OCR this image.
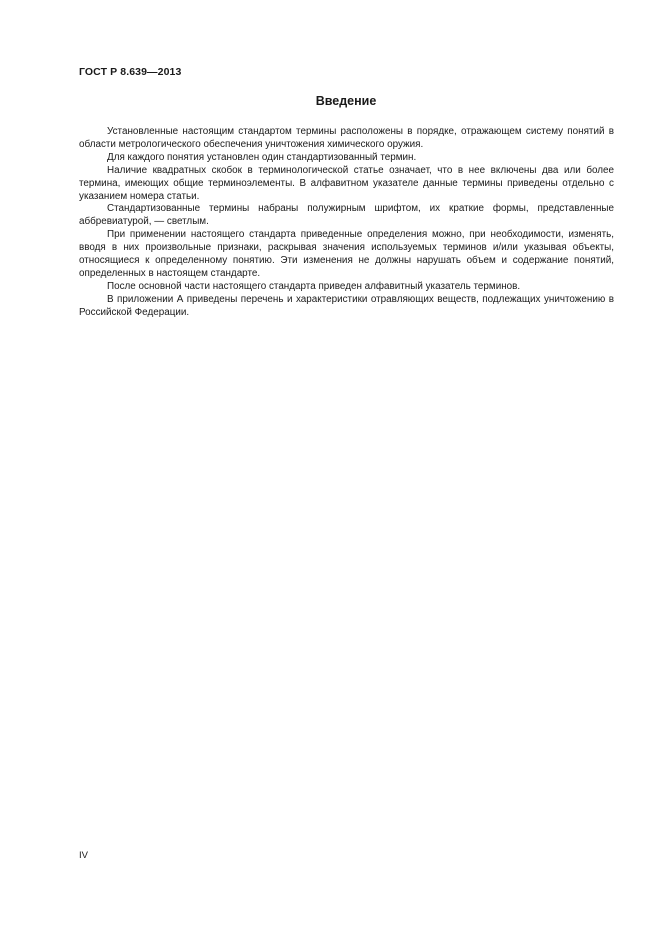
ГОСТ Р 8.639—2013
Введение

Установленные настоящим стандартом термины расположены в порядке, отражающем систему понятий в области метрологического обеспечения уничтожения химического оружия.

Для каждого понятия установлен один стандартизованный термин.

Наличие квадратных скобок в терминологической статье означает, что в нее включены два или более термина, имеющих общие терминоэлементы. В алфавитном указателе данные термины приведены отдельно с указанием номера статьи.

Стандартизованные термины набраны полужирным шрифтом, их краткие формы, представленные аббревиатурой, — светлым.

При применении настоящего стандарта приведенные определения можно, при необходимости, изменять, вводя в них произвольные признаки, раскрывая значения используемых терминов и/или указывая объекты, относящиеся к определенному понятию. Эти изменения не должны нарушать объем и содержание понятий, определенных в настоящем стандарте.

После основной части настоящего стандарта приведен алфавитный указатель терминов.

В приложении А приведены перечень и характеристики отравляющих веществ, подлежащих уничтожению в Российской Федерации.

IV
